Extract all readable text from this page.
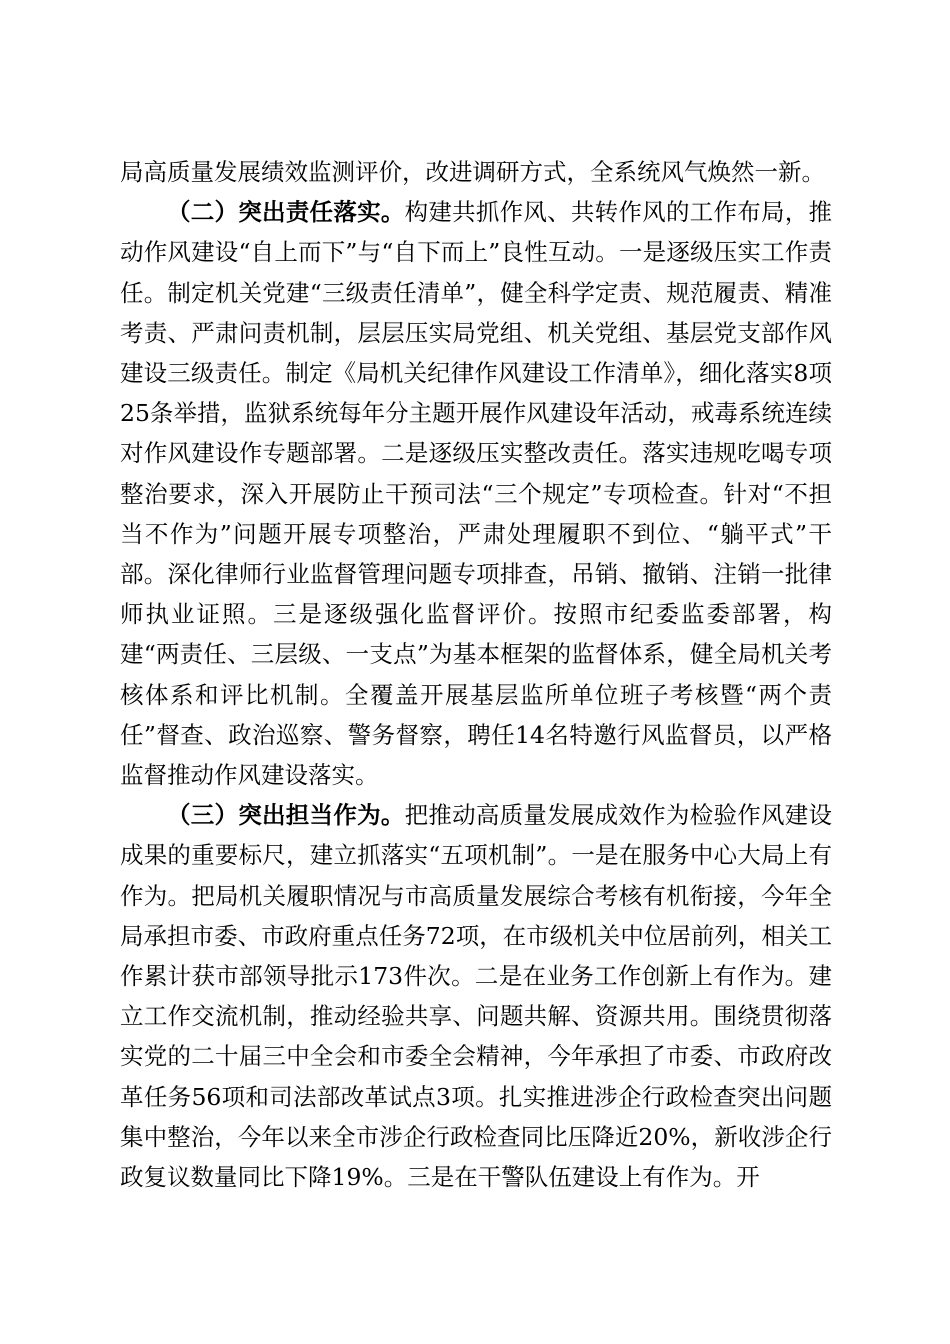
局高质量发展绩效监测评价，改进调研方式，全系统风气焕然一新。

（二）突出责任落实。构建共抓作风、共转作风的工作布局，推动作风建设“自上而下”与“自下而上”良性互动。一是逐级压实工作责任。制定机关党建“三级责任清单”，健全科学定责、规范履责、精准考责、严肃问责机制，层层压实局党组、机关党组、基层党支部作风建设三级责任。制定《局机关纪律作风建设工作清单》，细化落实8项25条举措，监狱系统每年分主题开展作风建设年活动，戒毒系统连续对作风建设作专题部署。二是逐级压实整改责任。落实违规吃喝专项整治要求，深入开展防止干预司法“三个规定”专项检查。针对“不担当不作为”问题开展专项整治，严肃处理履职不到位、“躺平式”干部。深化律师行业监督管理问题专项排查，吊销、撤销、注销一批律师执业证照。三是逐级强化监督评价。按照市纪委监委部署，构建“两责任、三层级、一支点”为基本框架的监督体系，健全局机关考核体系和评比机制。全覆盖开展基层监所单位班子考核暨“两个责任”督查、政治巡察、警务督察，聘任14名特邀行风监督员，以严格监督推动作风建设落实。

（三）突出担当作为。把推动高质量发展成效作为检验作风建设成果的重要标尺，建立抓落实“五项机制”。一是在服务中心大局上有作为。把局机关履职情况与市高质量发展综合考核有机衔接，今年全局承担市委、市政府重点任务72项，在市级机关中位居前列，相关工作累计获市部领导批示173件次。二是在业务工作创新上有作为。建立工作交流机制，推动经验共享、问题共解、资源共用。围绕贯彻落实党的二十届三中全会和市委全会精神，今年承担了市委、市政府改革任务56项和司法部改革试点3项。扎实推进涉企行政检查突出问题集中整治，今年以来全市涉企行政检查同比压降近20%，新收涉企行政复议数量同比下降19%。三是在干警队伍建设上有作为。开
